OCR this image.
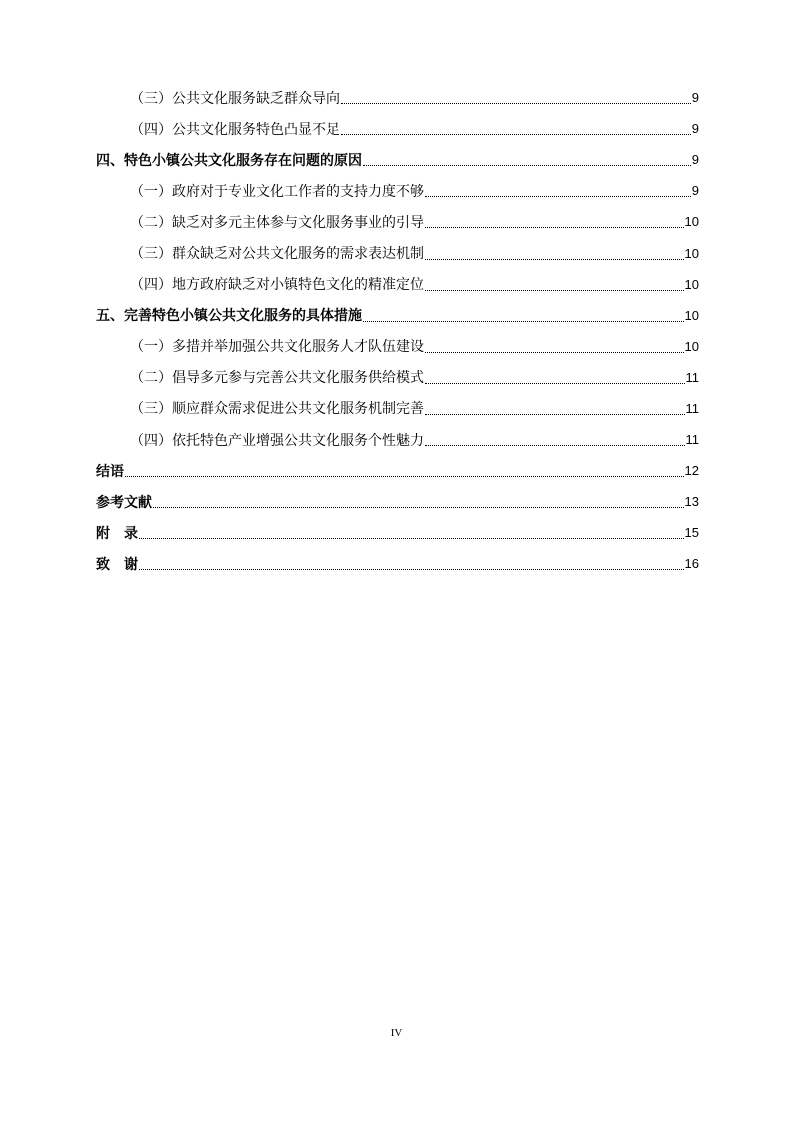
（三）公共文化服务缺乏群众导向	9
（四）公共文化服务特色凸显不足	9
四、特色小镇公共文化服务存在问题的原因	9
（一）政府对于专业文化工作者的支持力度不够	9
（二）缺乏对多元主体参与文化服务事业的引导	10
（三）群众缺乏对公共文化服务的需求表达机制	10
（四）地方政府缺乏对小镇特色文化的精准定位	10
五、完善特色小镇公共文化服务的具体措施	10
（一）多措并举加强公共文化服务人才队伍建设	10
（二）倡导多元参与完善公共文化服务供给模式	11
（三）顺应群众需求促进公共文化服务机制完善	11
（四）依托特色产业增强公共文化服务个性魅力	11
结语	12
参考文献	13
附　录	15
致　谢	16
IV
